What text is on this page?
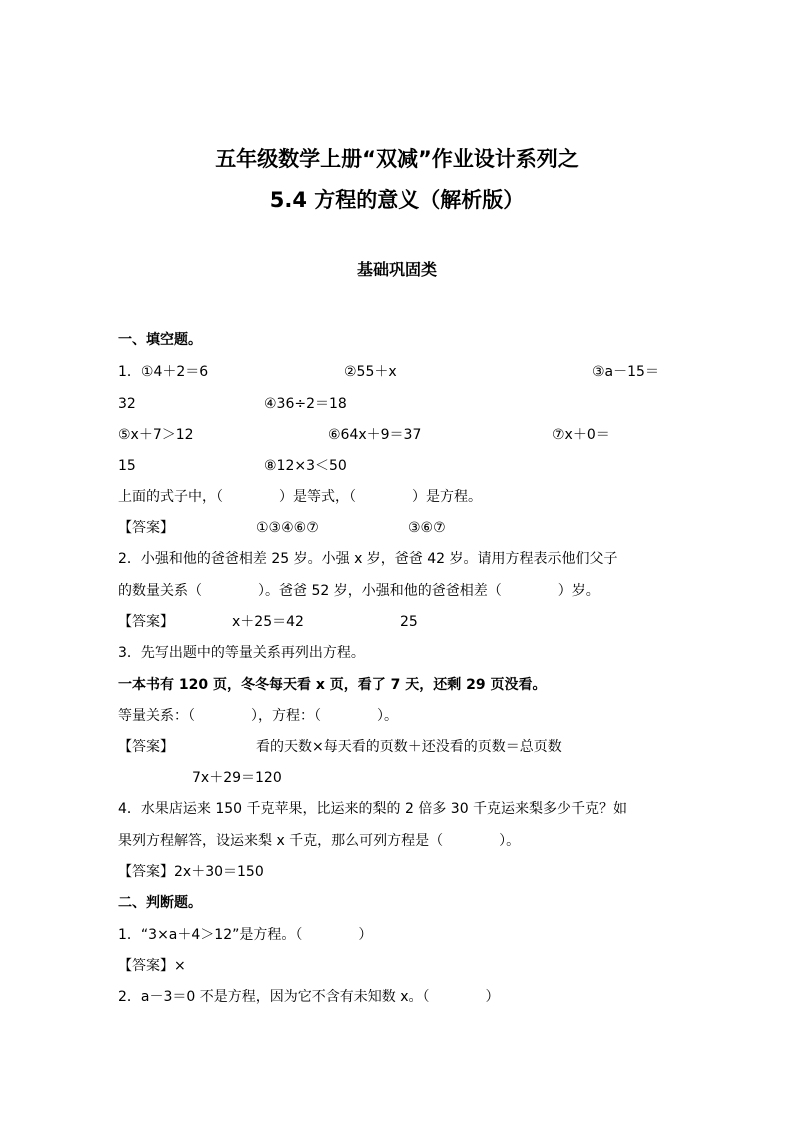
五年级数学上册“双减”作业设计系列之
5.4 方程的意义（解析版）
基础巩固类
一、填空题。
1．①4＋2＝6	②55＋x	③a－15＝
32	④36÷2＝18
⑤x＋7＞12	⑥64x＋9＝37	⑦x＋0＝
15	⑧12×3＜50
上面的式子中，（　　　　）是等式，（　　　　）是方程。
【答案】	①③④⑥⑦	③⑥⑦
2．小强和他的爸爸相差 25 岁。小强 x 岁，爸爸 42 岁。请用方程表示他们父子
的数量关系（　　　　）。爸爸 52 岁，小强和他的爸爸相差（　　　　）岁。
【答案】	x＋25＝42	25
3．先写出题中的等量关系再列出方程。
一本书有 120 页，冬冬每天看 x 页，看了 7 天，还剩 29 页没看。
等量关系：（　　　　），方程：（　　　　）。
【答案】	看的天数×每天看的页数＋还没看的页数＝总页数
7x＋29＝120
4．水果店运来 150 千克苹果，比运来的梨的 2 倍多 30 千克运来梨多少千克？如
果列方程解答，设运来梨 x 千克，那么可列方程是（　　　　）。
【答案】2x＋30＝150
二、判断题。
1．“3×a＋4＞12”是方程。（　　　　）
【答案】×
2．a－3＝0 不是方程，因为它不含有未知数 x。（　　　　）
